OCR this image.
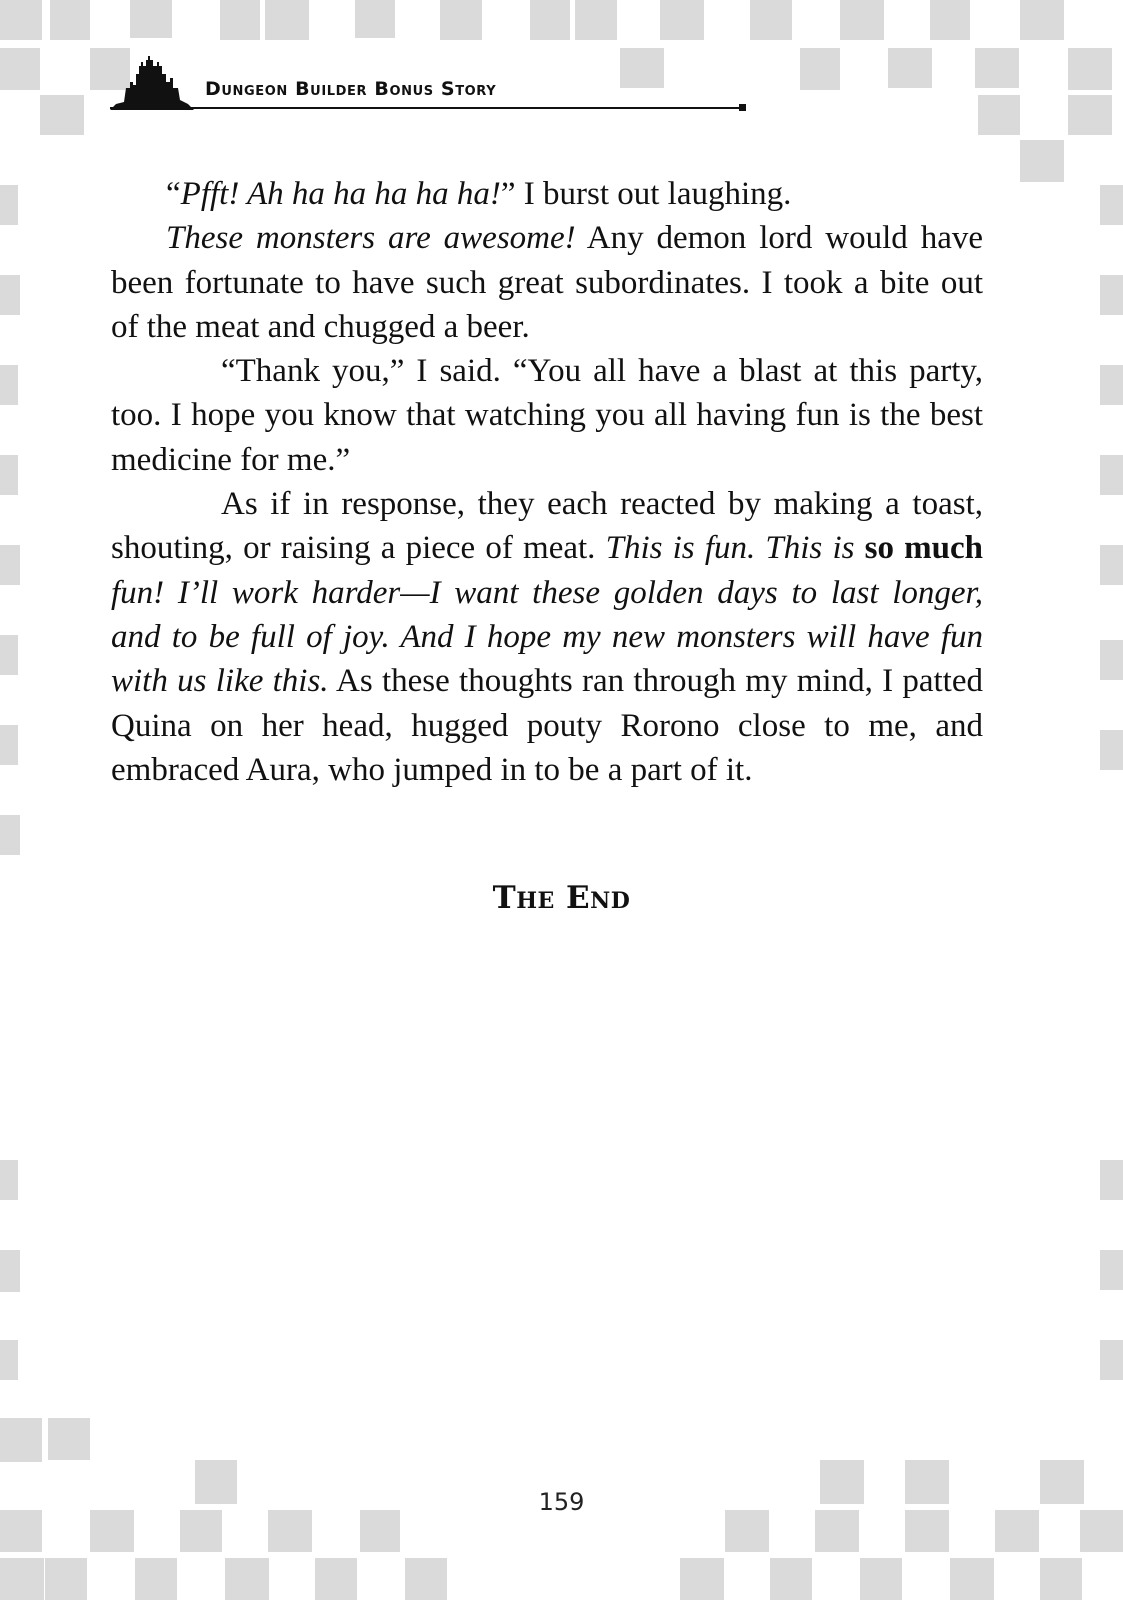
Dungeon Builder Bonus Story

“Pfft! Ah ha ha ha ha ha!” I burst out laughing.

These monsters are awesome! Any demon lord would have been fortunate to have such great subordinates. I took a bite out of the meat and chugged a beer.

“Thank you,” I said. “You all have a blast at this party, too. I hope you know that watching you all having fun is the best medicine for me.”

As if in response, they each reacted by making a toast, shouting, or raising a piece of meat. This is fun. This is so much fun! I’ll work harder—I want these golden days to last longer, and to be full of joy. And I hope my new monsters will have fun with us like this. As these thoughts ran through my mind, I patted Quina on her head, hugged pouty Rorono close to me, and embraced Aura, who jumped in to be a part of it.

The End
159
